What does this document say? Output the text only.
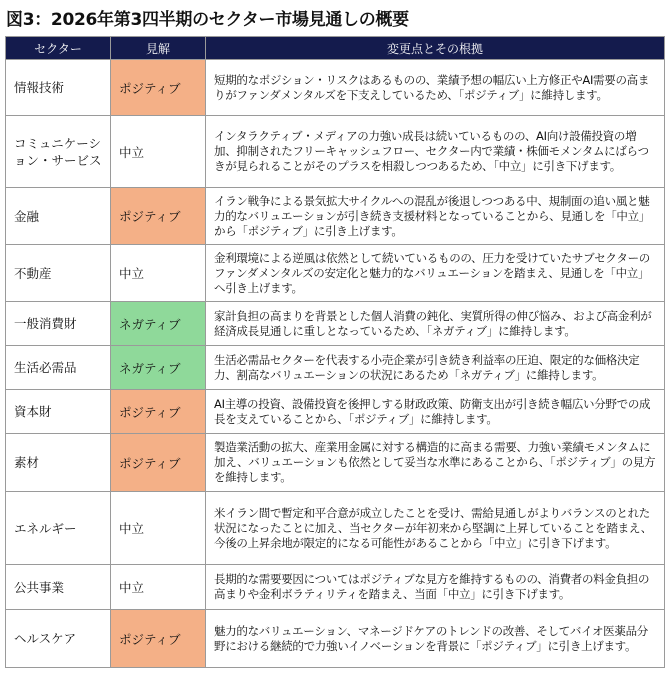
図3：2026年第3四半期のセクター市場見通しの概要
セクター	見解	変更点とその根拠
情報技術	ポジティブ	短期的なポジション・リスクはあるものの、業績予想の幅広い上方修正やAI需要の高まりがファンダメンタルズを下支えしているため、「ポジティブ」に維持します。
コミュニケーション・サービス	中立	インタラクティブ・メディアの力強い成長は続いているものの、AI向け設備投資の増加、抑制されたフリーキャッシュフロー、セクター内で業績・株価モメンタムにばらつきが見られることがそのプラスを相殺しつつあるため、「中立」に引き下げます。
金融	ポジティブ	イラン戦争による景気拡大サイクルへの混乱が後退しつつある中、規制面の追い風と魅力的なバリュエーションが引き続き支援材料となっていることから、見通しを「中立」から「ポジティブ」に引き上げます。
不動産	中立	金利環境による逆風は依然として続いているものの、圧力を受けていたサブセクターのファンダメンタルズの安定化と魅力的なバリュエーションを踏まえ、見通しを「中立」へ引き上げます。
一般消費財	ネガティブ	家計負担の高まりを背景とした個人消費の鈍化、実質所得の伸び悩み、および高金利が経済成長見通しに重しとなっているため、「ネガティブ」に維持します。
生活必需品	ネガティブ	生活必需品セクターを代表する小売企業が引き続き利益率の圧迫、限定的な価格決定力、割高なバリュエーションの状況にあるため「ネガティブ」に維持します。
資本財	ポジティブ	AI主導の投資、設備投資を後押しする財政政策、防衛支出が引き続き幅広い分野での成長を支えていることから、「ポジティブ」に維持します。
素材	ポジティブ	製造業活動の拡大、産業用金属に対する構造的に高まる需要、力強い業績モメンタムに加え、バリュエーションも依然として妥当な水準にあることから、「ポジティブ」の見方を維持します。
エネルギー	中立	米イラン間で暫定和平合意が成立したことを受け、需給見通しがよりバランスのとれた状況になったことに加え、当セクターが年初来から堅調に上昇していることを踏まえ、今後の上昇余地が限定的になる可能性があることから「中立」に引き下げます。
公共事業	中立	長期的な需要要因についてはポジティブな見方を維持するものの、消費者の料金負担の高まりや金利ボラティリティを踏まえ、当面「中立」に引き下げます。
ヘルスケア	ポジティブ	魅力的なバリュエーション、マネージドケアのトレンドの改善、そしてバイオ医薬品分野における継続的で力強いイノベーションを背景に「ポジティブ」に引き上げます。
